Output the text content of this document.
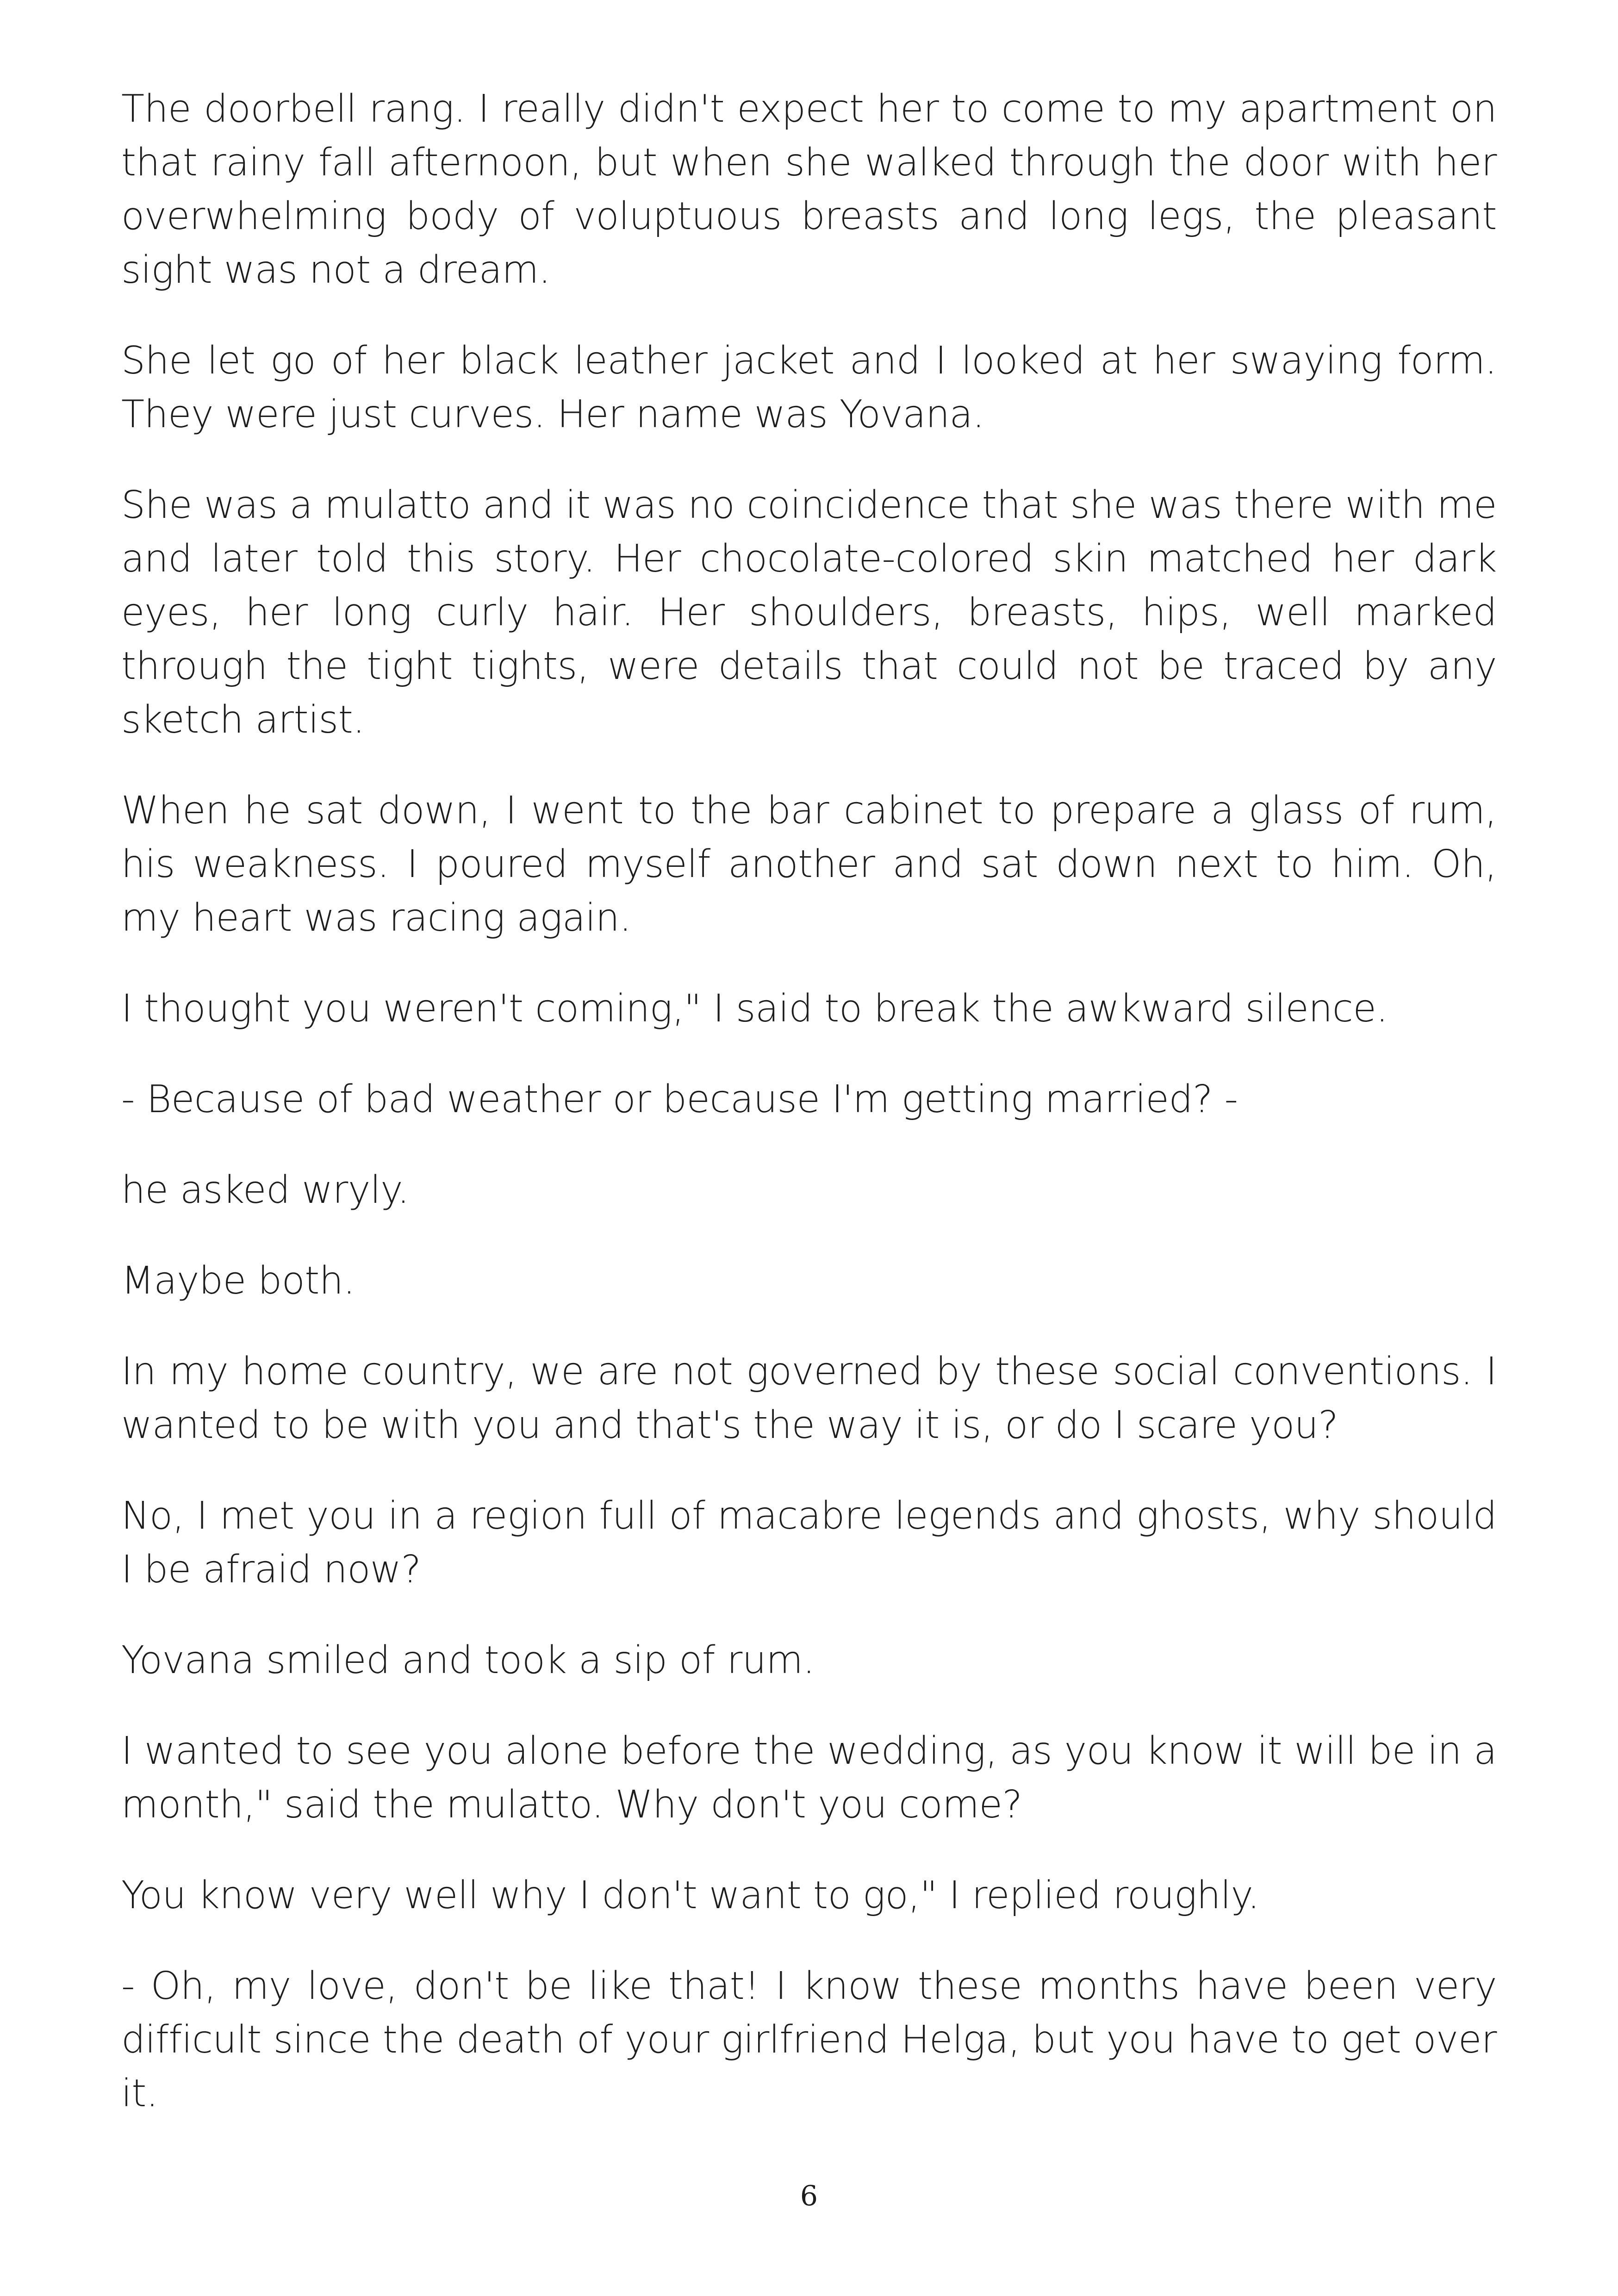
The doorbell rang. I really didn't expect her to come to my apartment on that rainy fall afternoon, but when she walked through the door with her overwhelming body of voluptuous breasts and long legs, the pleasant sight was not a dream.

She let go of her black leather jacket and I looked at her swaying form. They were just curves. Her name was Yovana.

She was a mulatto and it was no coincidence that she was there with me and later told this story. Her chocolate-colored skin matched her dark eyes, her long curly hair. Her shoulders, breasts, hips, well marked through the tight tights, were details that could not be traced by any sketch artist.

When he sat down, I went to the bar cabinet to prepare a glass of rum, his weakness. I poured myself another and sat down next to him. Oh, my heart was racing again.

I thought you weren't coming," I said to break the awkward silence.

- Because of bad weather or because I'm getting married? -

he asked wryly.

Maybe both.

In my home country, we are not governed by these social conventions. I wanted to be with you and that's the way it is, or do I scare you?

No, I met you in a region full of macabre legends and ghosts, why should I be afraid now?

Yovana smiled and took a sip of rum.

I wanted to see you alone before the wedding, as you know it will be in a month," said the mulatto. Why don't you come?

You know very well why I don't want to go," I replied roughly.

- Oh, my love, don't be like that! I know these months have been very difficult since the death of your girlfriend Helga, but you have to get over it.

6
